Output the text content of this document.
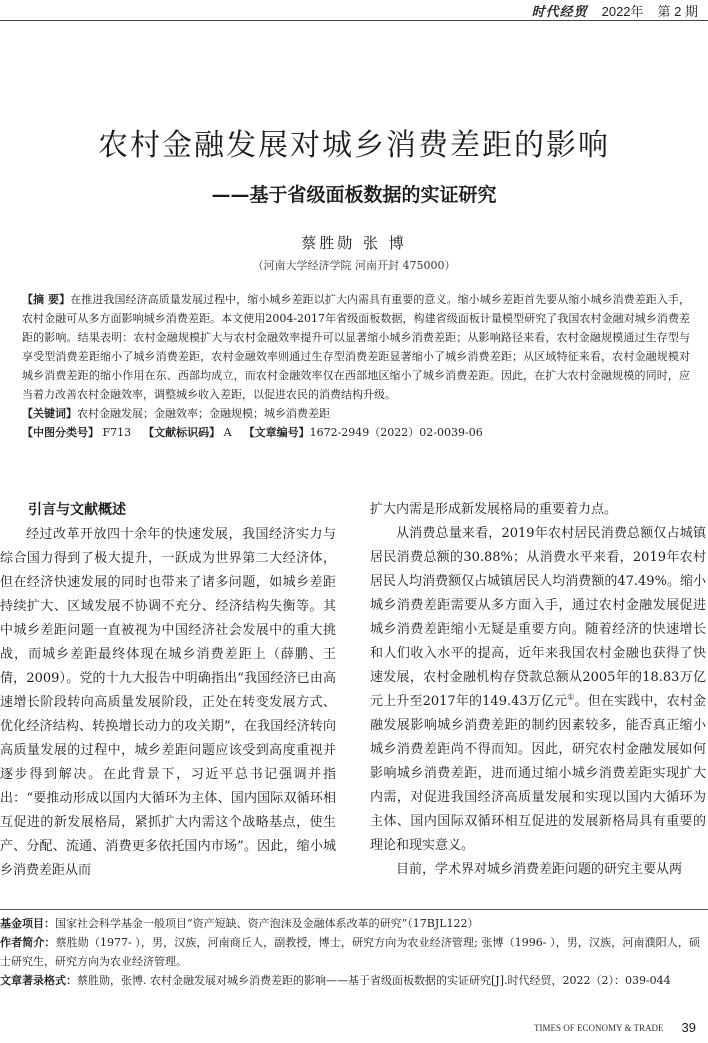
时代经贸 2022年 第 2 期
农村金融发展对城乡消费差距的影响
——基于省级面板数据的实证研究
蔡胜勋 张 博
（河南大学经济学院 河南开封 475000）
【摘 要】在推进我国经济高质量发展过程中，缩小城乡差距以扩大内需具有重要的意义。缩小城乡差距首先要从缩小城乡消费差距入手，农村金融可从多方面影响城乡消费差距。本文使用2004-2017年省级面板数据，构建省级面板计量模型研究了我国农村金融对城乡消费差距的影响。结果表明：农村金融规模扩大与农村金融效率提升可以显著缩小城乡消费差距；从影响路径来看，农村金融规模通过生存型与享受型消费差距缩小了城乡消费差距，农村金融效率则通过生存型消费差距显著缩小了城乡消费差距；从区域特征来看，农村金融规模对城乡消费差距的缩小作用在东、西部均成立，而农村金融效率仅在西部地区缩小了城乡消费差距。因此，在扩大农村金融规模的同时，应当着力改善农村金融效率，调整城乡收入差距，以促进农民的消费结构升级。
【关键词】农村金融发展；金融效率；金融规模；城乡消费差距
【中图分类号】 F713 【文献标识码】 A 【文章编号】1672-2949（2022）02-0039-06
引言与文献概述

经过改革开放四十余年的快速发展，我国经济实力与综合国力得到了极大提升，一跃成为世界第二大经济体，但在经济快速发展的同时也带来了诸多问题，如城乡差距持续扩大、区域发展不协调不充分、经济结构失衡等。其中城乡差距问题一直被视为中国经济社会发展中的重大挑战，而城乡差距最终体现在城乡消费差距上（薛鹏、王倩，2009）。党的十九大报告中明确指出“我国经济已由高速增长阶段转向高质量发展阶段，正处在转变发展方式、优化经济结构、转换增长动力的攻关期”，在我国经济转向高质量发展的过程中，城乡差距问题应该受到高度重视并逐步得到解决。在此背景下，习近平总书记强调并指出：“要推动形成以国内大循环为主体、国内国际双循环相互促进的新发展格局，紧抓扩大内需这个战略基点，使生产、分配、流通、消费更多依托国内市场”。因此，缩小城乡消费差距从而

扩大内需是形成新发展格局的重要着力点。

从消费总量来看，2019年农村居民消费总额仅占城镇居民消费总额的30.88%；从消费水平来看，2019年农村居民人均消费额仅占城镇居民人均消费额的47.49%。缩小城乡消费差距需要从多方面入手，通过农村金融发展促进城乡消费差距缩小无疑是重要方向。随着经济的快速增长和人们收入水平的提高，近年来我国农村金融也获得了快速发展，农村金融机构存贷款总额从2005年的18.83万亿元上升至2017年的149.43万亿元①。但在实践中，农村金融发展影响城乡消费差距的制约因素较多，能否真正缩小城乡消费差距尚不得而知。因此，研究农村金融发展如何影响城乡消费差距，进而通过缩小城乡消费差距实现扩大内需，对促进我国经济高质量发展和实现以国内大循环为主体、国内国际双循环相互促进的发展新格局具有重要的理论和现实意义。

目前，学术界对城乡消费差距问题的研究主要从两

基金项目：国家社会科学基金一般项目“资产短缺、资产泡沫及金融体系改革的研究”（17BJL122）
作者简介：蔡胜勋（1977- ），男，汉族，河南商丘人，副教授，博士，研究方向为农业经济管理; 张博（1996- ），男，汉族，河南濮阳人，硕士研究生，研究方向为农业经济管理。
文章著录格式：蔡胜勋，张博. 农村金融发展对城乡消费差距的影响——基于省级面板数据的实证研究[J].时代经贸，2022（2）：039-044
TIMES OF ECONOMY & TRADE 39
